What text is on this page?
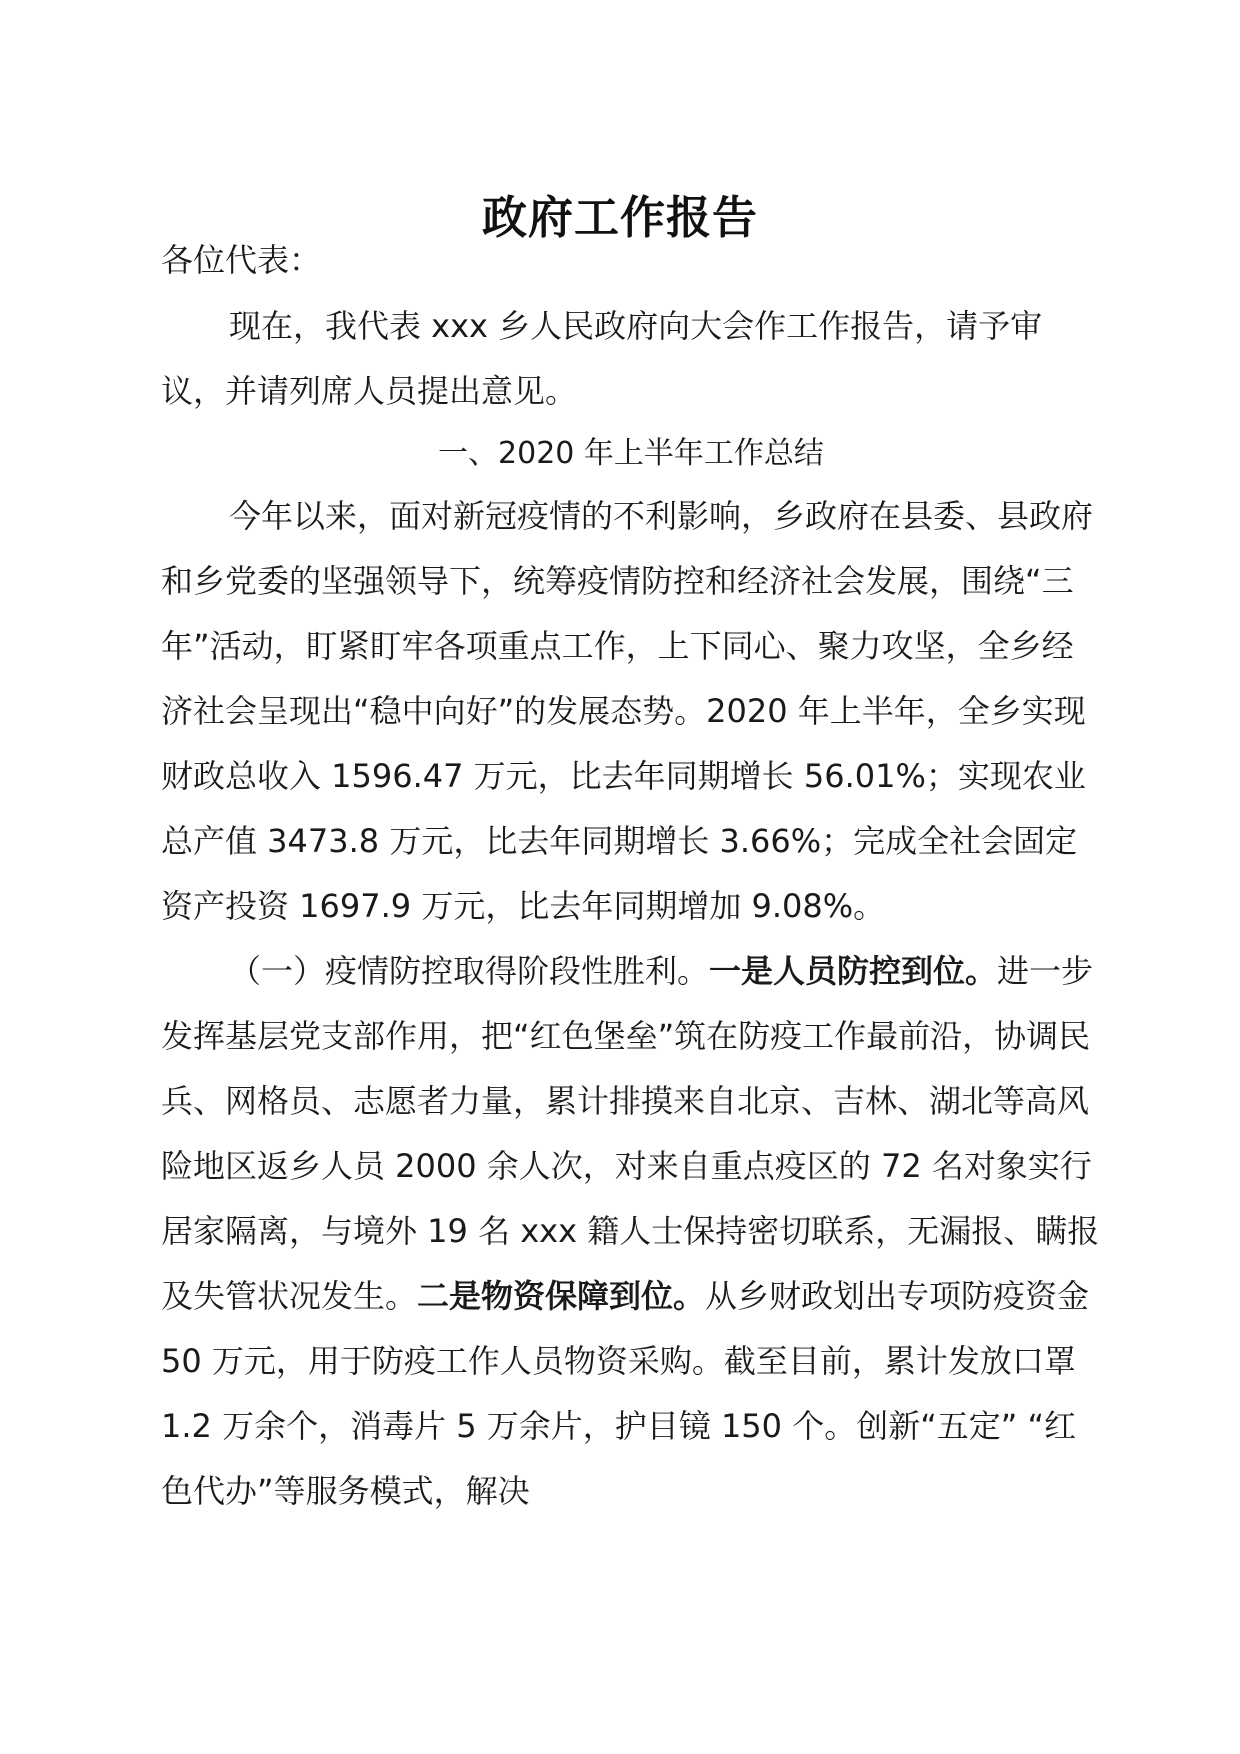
政府工作报告

各位代表：

现在，我代表 xxx 乡人民政府向大会作工作报告，请予审议，并请列席人员提出意见。

一、2020 年上半年工作总结

今年以来，面对新冠疫情的不利影响，乡政府在县委、县政府和乡党委的坚强领导下，统筹疫情防控和经济社会发展，围绕“三年”活动，盯紧盯牢各项重点工作，上下同心、聚力攻坚，全乡经济社会呈现出“稳中向好”的发展态势。2020 年上半年，全乡实现财政总收入 1596.47 万元，比去年同期增长 56.01%；实现农业总产值 3473.8 万元，比去年同期增长 3.66%；完成全社会固定资产投资 1697.9 万元，比去年同期增加 9.08%。

（一）疫情防控取得阶段性胜利。一是人员防控到位。进一步发挥基层党支部作用，把“红色堡垒”筑在防疫工作最前沿，协调民兵、网格员、志愿者力量，累计排摸来自北京、吉林、湖北等高风险地区返乡人员 2000 余人次，对来自重点疫区的 72 名对象实行居家隔离，与境外 19 名 xxx 籍人士保持密切联系，无漏报、瞒报及失管状况发生。二是物资保障到位。从乡财政划出专项防疫资金 50 万元，用于防疫工作人员物资采购。截至目前，累计发放口罩 1.2 万余个，消毒片 5 万余片，护目镜 150 个。创新“五定” “红色代办”等服务模式，解决
